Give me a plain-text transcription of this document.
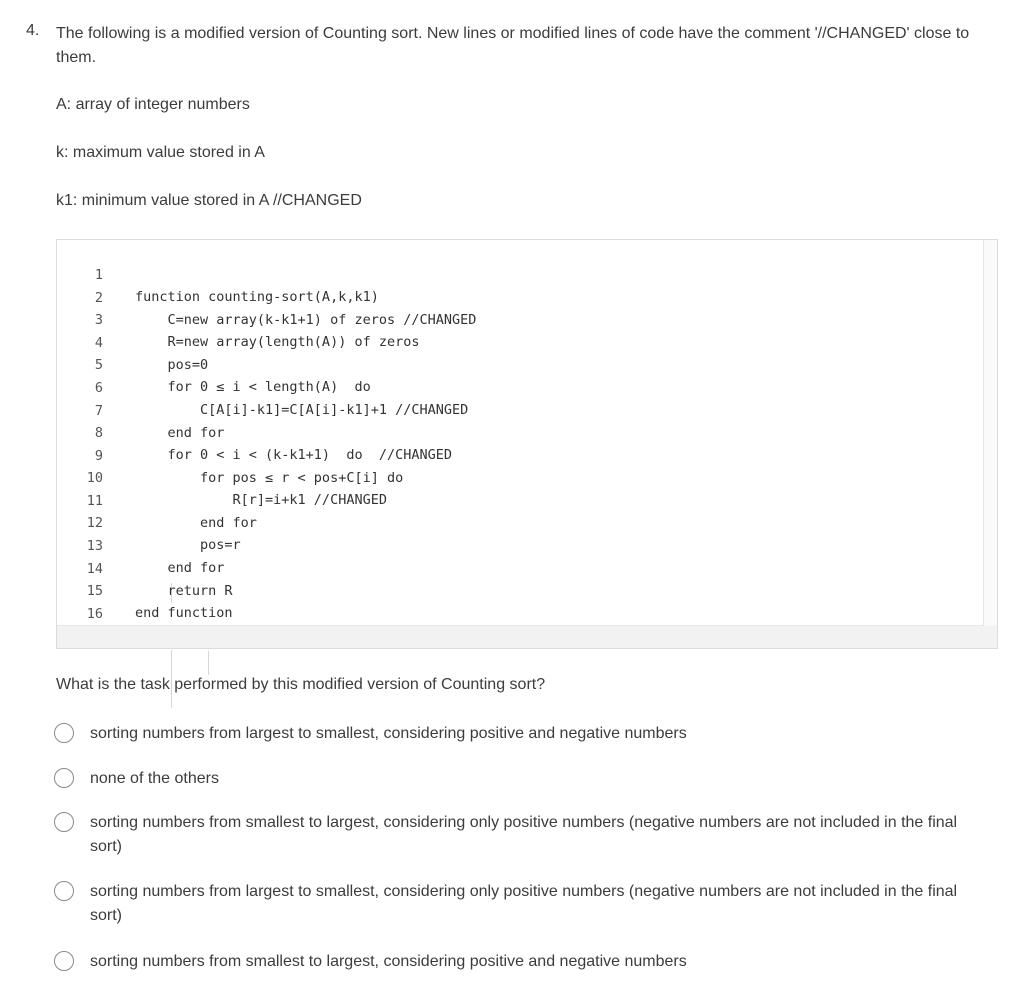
4. The following is a modified version of Counting sort. New lines or modified lines of code have the comment '//CHANGED' close to them.
A: array of integer numbers
k: maximum value stored in A
k1: minimum value stored in A //CHANGED

1

function counting-sort(A,k,k1)

2

C=new array(k-k1+1) of zeros //CHANGED

3

R=new array(length(A)) of zeros

4

pos=0

5

for 0 ≤ i < length(A)  do

6

C[A[i]-k1]=C[A[i]-k1]+1 //CHANGED

7

end for

8

for 0 < i < (k-k1+1)  do  //CHANGED

9

for pos ≤ r < pos+C[i] do

10

R[r]=i+k1 //CHANGED

11

end for

12

pos=r

13

end for

14

return R

15

end function

16

What is the task performed by this modified version of Counting sort?
sorting numbers from largest to smallest, considering positive and negative numbers
none of the others
sorting numbers from smallest to largest, considering only positive numbers (negative numbers are not included in the final sort)
sorting numbers from largest to smallest, considering only positive numbers (negative numbers are not included in the final sort)
sorting numbers from smallest to largest, considering positive and negative numbers
